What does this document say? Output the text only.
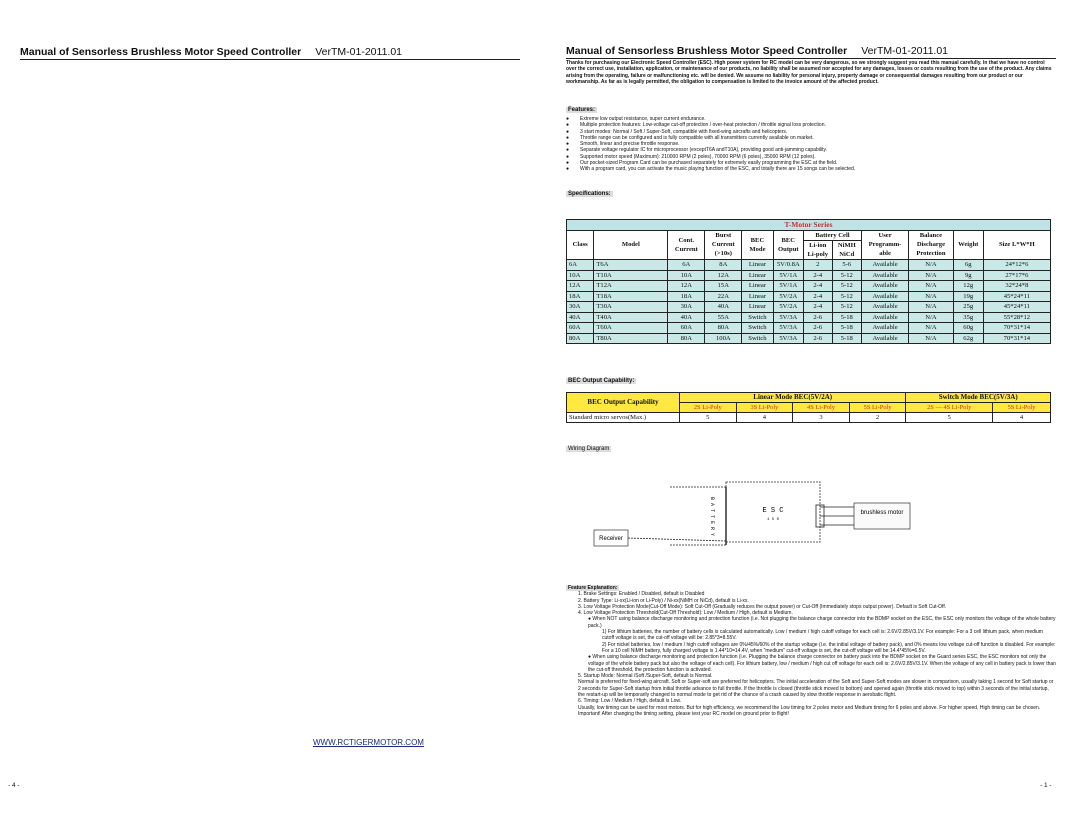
Manual of Sensorless Brushless Motor Speed Controller VerTM-01-2011.01
WWW.RCTIGERMOTOR.COM
- 4 -
Manual of Sensorless Brushless Motor Speed Controller VerTM-01-2011.01
Thanks for purchasing our Electronic Speed Controller (ESC). High power system for RC model can be very dangerous, so we strongly suggest you read this manual carefully. In that we have no control over the correct use, installation, application, or maintenance of our products, no liability shall be assumed nor accepted for any damages, losses or costs resulting from the use of the product. Any claims arising from the operating, failure or malfunctioning etc. will be denied. We assume no liability for personal injury, property damage or consequential damages resulting from our product or our workmanship. As far as is legally permitted, the obligation to compensation is limited to the invoice amount of the affected product.
Features:
● Extreme low output resistance, super current endurance.
● Multiple protection features: Low-voltage cut-off protection / over-heat protection / throttle signal loss protection.
● 3 start modes: Normal / Soft / Super-Soft, compatible with fixed-wing aircrafts and helicopters.
● Throttle range can be configured and is fully compatible with all transmitters currently available on market.
● Smooth, linear and precise throttle response.
● Separate voltage regulator IC for microprocessor (exceptT6A andT10A), providing good anti-jamming capability.
● Supported motor speed (Maximum): 210000 RPM (2 poles), 70000 RPM (6 poles), 35000 RPM (12 poles).
● Our pocket-sized Program Card can be purchased separately for extremely easily programming the ESC at the field.
● With a program card, you can activate the music playing function of the ESC, and totally there are 15 songs can be selected.
Specifications:
T-Motor Series											
Class	Model	Cont. Current	Burst Current (>10s)	BEC Mode	BEC Output	Battery Cell		User Programm-able	Balance Discharge Protection	Weight	Size L*W*H
						Li-ion Li-poly	NiMH NiCd				

6A	T6A	6A	8A	Linear	5V/0.8A	2	5-6	Available	N/A	6g	24*12*6
10A	T10A	10A	12A	Linear	5V/1A	2-4	5-12	Available	N/A	9g	27*17*6
12A	T12A	12A	15A	Linear	5V/1A	2-4	5-12	Available	N/A	12g	32*24*8
18A	T18A	18A	22A	Linear	5V/2A	2-4	5-12	Available	N/A	19g	45*24*11
30A	T30A	30A	40A	Linear	5V/2A	2-4	5-12	Available	N/A	25g	45*24*11
40A	T40A	40A	55A	Switch	5V/3A	2-6	5-18	Available	N/A	35g	55*28*12
60A	T60A	60A	80A	Switch	5V/3A	2-6	5-18	Available	N/A	60g	70*31*14
80A	T80A	80A	100A	Switch	5V/3A	2-6	5-18	Available	N/A	62g	70*31*14
BEC Output Capability:
BEC Output Capability	Linear Mode BEC(5V/2A)				Switch Mode BEC(5V/3A)	
	2S Li-Poly	3S Li-Poly	4S Li-Poly	5S Li-Poly	2S — 4S Li-Poly	5S Li-Poly
Standard micro servos(Max.)	5	4	3	2	5	4
Wiring Diagram
E S C
1 5 0
B A T T E R Y	brushless motor
Receiver

Feature Explanation:

1. Brake Settings: Enabled / Disabled, default is Disabled

2. Battery Type: Li-xx(Li-ion or Li-Poly) / Ni-xx(NiMH or NiCd), default is Li-xx.

3. Low Voltage Protection Mode(Cut-Off Mode): Soft Cut-Off (Gradually reduces the output power) or Cut-Off (Immediately stops output power). Default is Soft Cut-Off.

4. Low Voltage Protection Threshold(Cut-Off Threshold): Low / Medium / High, default is Medium.

● When NOT using balance discharge monitoring and protection function (i.e. Not plugging the balance charge connector into the BDMP socket on the ESC, the ESC only monitors the voltage of the whole battery pack.)

1) For lithium batteries, the number of battery cells is calculated automatically. Low / medium / high cutoff voltage for each cell is: 2.6V/2.85V/3.1V. For example: For a 3 cell lithium pack, when medium cutoff voltage is set, the cut-off voltage will be: 2.85*3=8.55V.

2) For nickel batteries, low / medium / high cutoff voltages are 0%/45%/60% of the startup voltage (i.e. the initial voltage of battery pack), and 0% means low voltage cut-off function is disabled. For example: For a 10 cell NiMH battery, fully charged voltage is 1.44*10=14.4V, when "medium" cut-off voltage is set, the cut-off voltage will be:14.4*45%=6.5V.

● When using balance discharge monitoring and protection function (i.e. Plugging the balance charge connector on battery pack into the BDMP socket on the Guard series ESC, the ESC monitors not only the voltage of the whole battery pack but also the voltage of each cell). For lithium battery, low / medium / high cut off voltage for each cell is: 2.6V/2.85V/3.1V. When the voltage of any cell in battery pack is lower than the cut-off threshold, the protection function is activated.

5. Startup Mode: Normal /Soft /Super-Soft, default is Normal.

Normal is preferred for fixed-wing aircraft. Soft or Super-soft are preferred for helicopters. The initial acceleration of the Soft and Super-Soft modes are slower in comparison, usually taking 1 second for Soft startup or 2 seconds for Super-Soft startup from initial throttle advance to full throttle. If the throttle is closed (throttle stick moved to bottom) and opened again (throttle stick moved to top) within 3 seconds of the initial startup, the restart-up will be temporarily changed to normal mode to get rid of the chance of a crash caused by slow throttle response in aerobatic flight.

6. Timing: Low / Medium / High, default is Low.

Usually, low timing can be used for most motors. But for high efficiency, we recommend the Low timing for 2 poles motor and Medium timing for 6 poles and above. For higher speed, High timing can be chosen.

Important! After changing the timing setting, please test your RC model on ground prior to flight!

- 1 -
